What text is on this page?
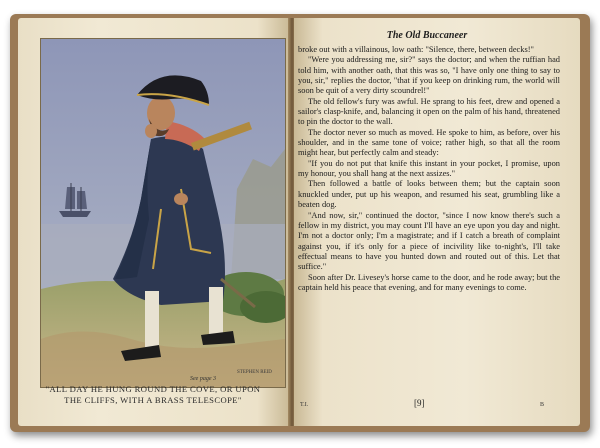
STEPHEN REID
See page 3
"ALL DAY HE HUNG ROUND THE COVE, OR UPON
THE CLIFFS, WITH A BRASS TELESCOPE"
The Old Buccaneer

broke out with a villainous, low oath: "Silence, there, between decks!"

"Were you addressing me, sir?" says the doctor; and when the ruffian had told him, with another oath, that this was so, "I have only one thing to say to you, sir," replies the doctor, "that if you keep on drinking rum, the world will soon be quit of a very dirty scoundrel!"

The old fellow's fury was awful. He sprang to his feet, drew and opened a sailor's clasp-knife, and, balancing it open on the palm of his hand, threatened to pin the doctor to the wall.

The doctor never so much as moved. He spoke to him, as before, over his shoulder, and in the same tone of voice; rather high, so that all the room might hear, but perfectly calm and steady:

"If you do not put that knife this instant in your pocket, I promise, upon my honour, you shall hang at the next assizes."

Then followed a battle of looks between them; but the captain soon knuckled under, put up his weapon, and resumed his seat, grumbling like a beaten dog.

"And now, sir," continued the doctor, "since I now know there's such a fellow in my district, you may count I'll have an eye upon you day and night. I'm not a doctor only; I'm a magistrate; and if I catch a breath of complaint against you, if it's only for a piece of incivility like to-night's, I'll take effectual means to have you hunted down and routed out of this. Let that suffice."

Soon after Dr. Livesey's horse came to the door, and he rode away; but the captain held his peace that evening, and for many evenings to come.

T.I.	[9]	B
